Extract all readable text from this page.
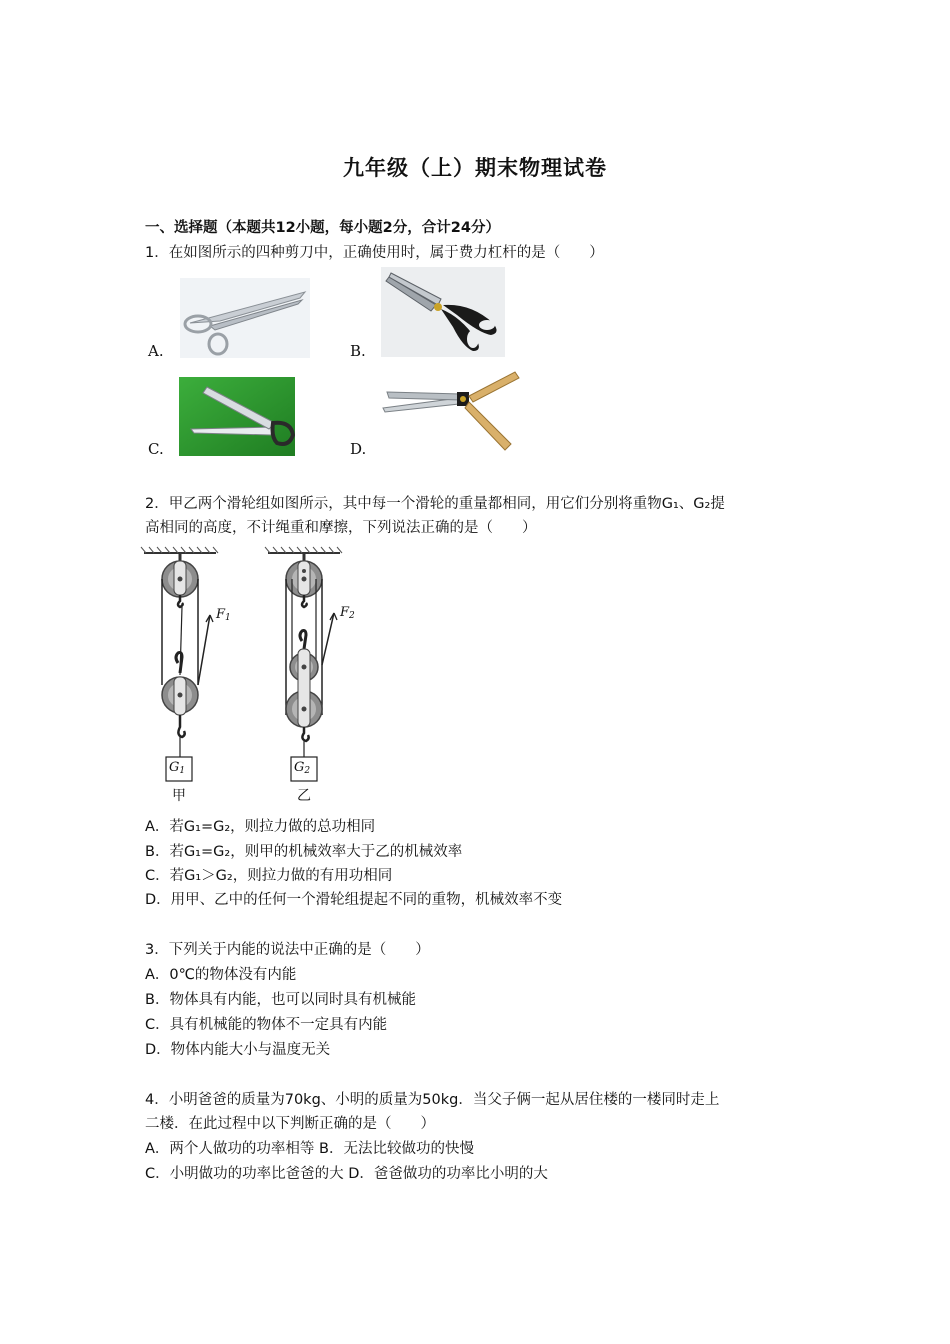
九年级（上）期末物理试卷
一、选择题（本题共12小题，每小题2分，合计24分）
1．在如图所示的四种剪刀中，正确使用时，属于费力杠杆的是（　　）
A.	B.
C.	D.
2．甲乙两个滑轮组如图所示，其中每一个滑轮的重量都相同，用它们分别将重物G₁、G₂提
高相同的高度，不计绳重和摩擦，下列说法正确的是（　　）
$F_1$	$F_2$
$G_1$	$G_2$
甲	乙
A．若G₁=G₂，则拉力做的总功相同
B．若G₁=G₂，则甲的机械效率大于乙的机械效率
C．若G₁＞G₂，则拉力做的有用功相同
D．用甲、乙中的任何一个滑轮组提起不同的重物，机械效率不变
3．下列关于内能的说法中正确的是（　　）
A．0℃的物体没有内能
B．物体具有内能，也可以同时具有机械能
C．具有机械能的物体不一定具有内能
D．物体内能大小与温度无关
4．小明爸爸的质量为70kg、小明的质量为50kg．当父子俩一起从居住楼的一楼同时走上
二楼．在此过程中以下判断正确的是（　　）
A．两个人做功的功率相等 B．无法比较做功的快慢
C．小明做功的功率比爸爸的大 D．爸爸做功的功率比小明的大
